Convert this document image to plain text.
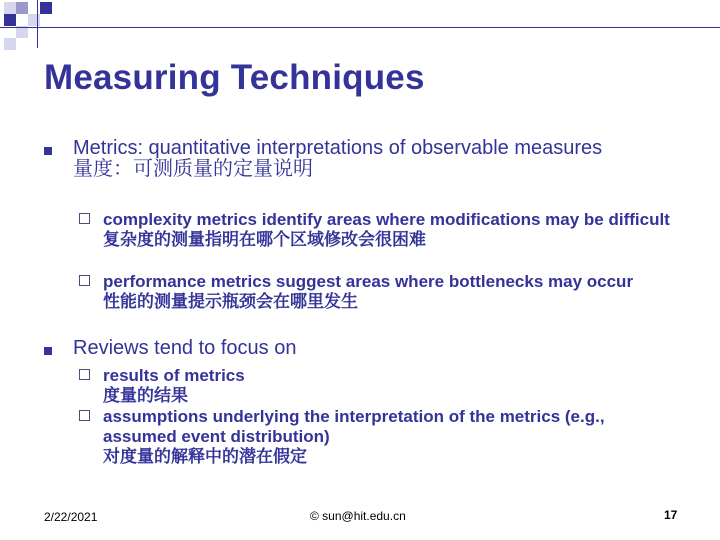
Measuring Techniques
Metrics: quantitative interpretations of observable measures
量度：可测质量的定量说明
complexity metrics identify areas where modifications may be difficult
复杂度的测量指明在哪个区域修改会很困难
performance metrics suggest areas where bottlenecks may occur
性能的测量提示瓶颈会在哪里发生
Reviews tend to focus on
results of metrics
度量的结果
assumptions underlying the interpretation of the metrics (e.g., assumed event distribution)
对度量的解释中的潜在假定
2/22/2021	© sun@hit.edu.cn	17
